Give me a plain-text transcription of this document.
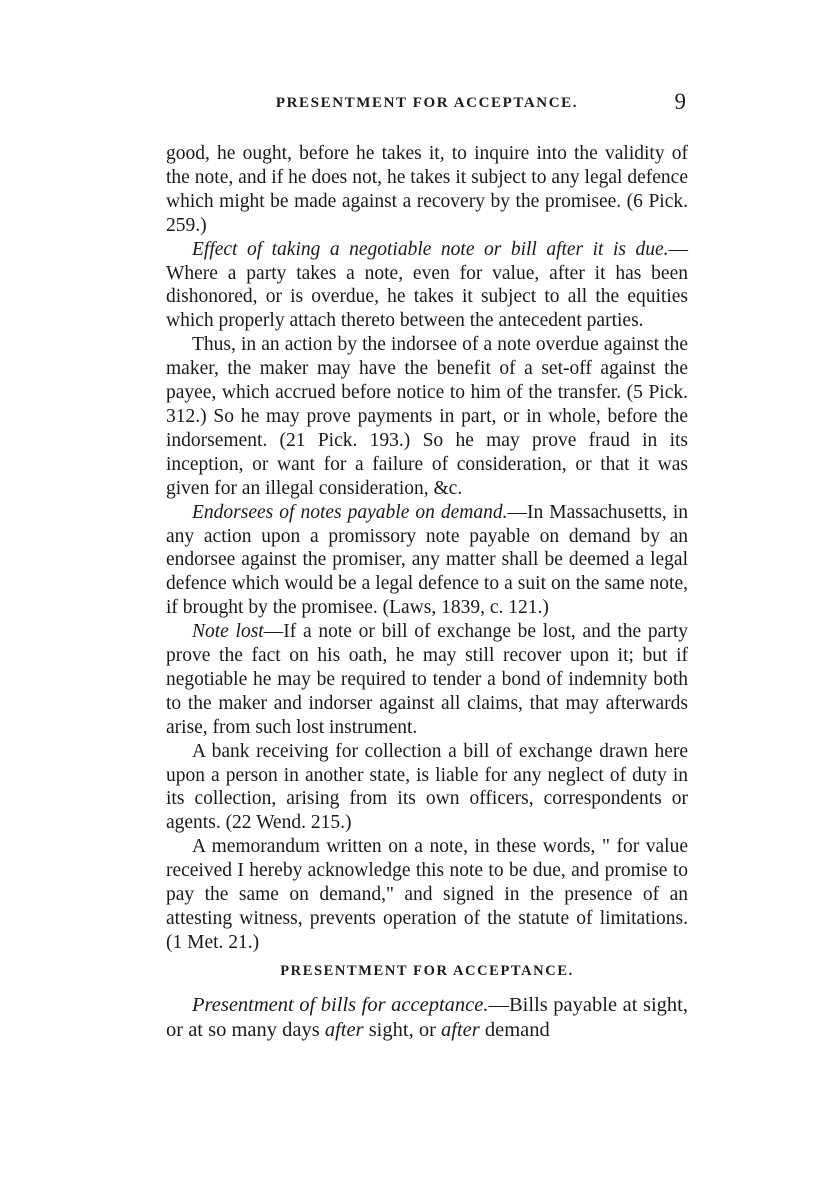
PRESENTMENT FOR ACCEPTANCE.	9

good, he ought, before he takes it, to inquire into the validity of the note, and if he does not, he takes it subject to any legal defence which might be made against a recovery by the promisee. (6 Pick. 259.)

Effect of taking a negotiable note or bill after it is due.—Where a party takes a note, even for value, after it has been dishonored, or is overdue, he takes it subject to all the equities which properly attach thereto between the antecedent parties.

Thus, in an action by the indorsee of a note overdue against the maker, the maker may have the benefit of a set-off against the payee, which accrued before notice to him of the transfer. (5 Pick. 312.) So he may prove payments in part, or in whole, before the indorsement. (21 Pick. 193.) So he may prove fraud in its inception, or want for a failure of consideration, or that it was given for an illegal consideration, &c.

Endorsees of notes payable on demand.—In Massachusetts, in any action upon a promissory note payable on demand by an endorsee against the promiser, any matter shall be deemed a legal defence which would be a legal defence to a suit on the same note, if brought by the promisee. (Laws, 1839, c. 121.)

Note lost—If a note or bill of exchange be lost, and the party prove the fact on his oath, he may still recover upon it; but if negotiable he may be required to tender a bond of indemnity both to the maker and indorser against all claims, that may afterwards arise, from such lost instrument.

A bank receiving for collection a bill of exchange drawn here upon a person in another state, is liable for any neglect of duty in its collection, arising from its own officers, correspondents or agents. (22 Wend. 215.)

A memorandum written on a note, in these words, " for value received I hereby acknowledge this note to be due, and promise to pay the same on demand," and signed in the presence of an attesting witness, prevents operation of the statute of limitations. (1 Met. 21.)

PRESENTMENT FOR ACCEPTANCE.

Presentment of bills for acceptance.—Bills payable at sight, or at so many days after sight, or after demand
